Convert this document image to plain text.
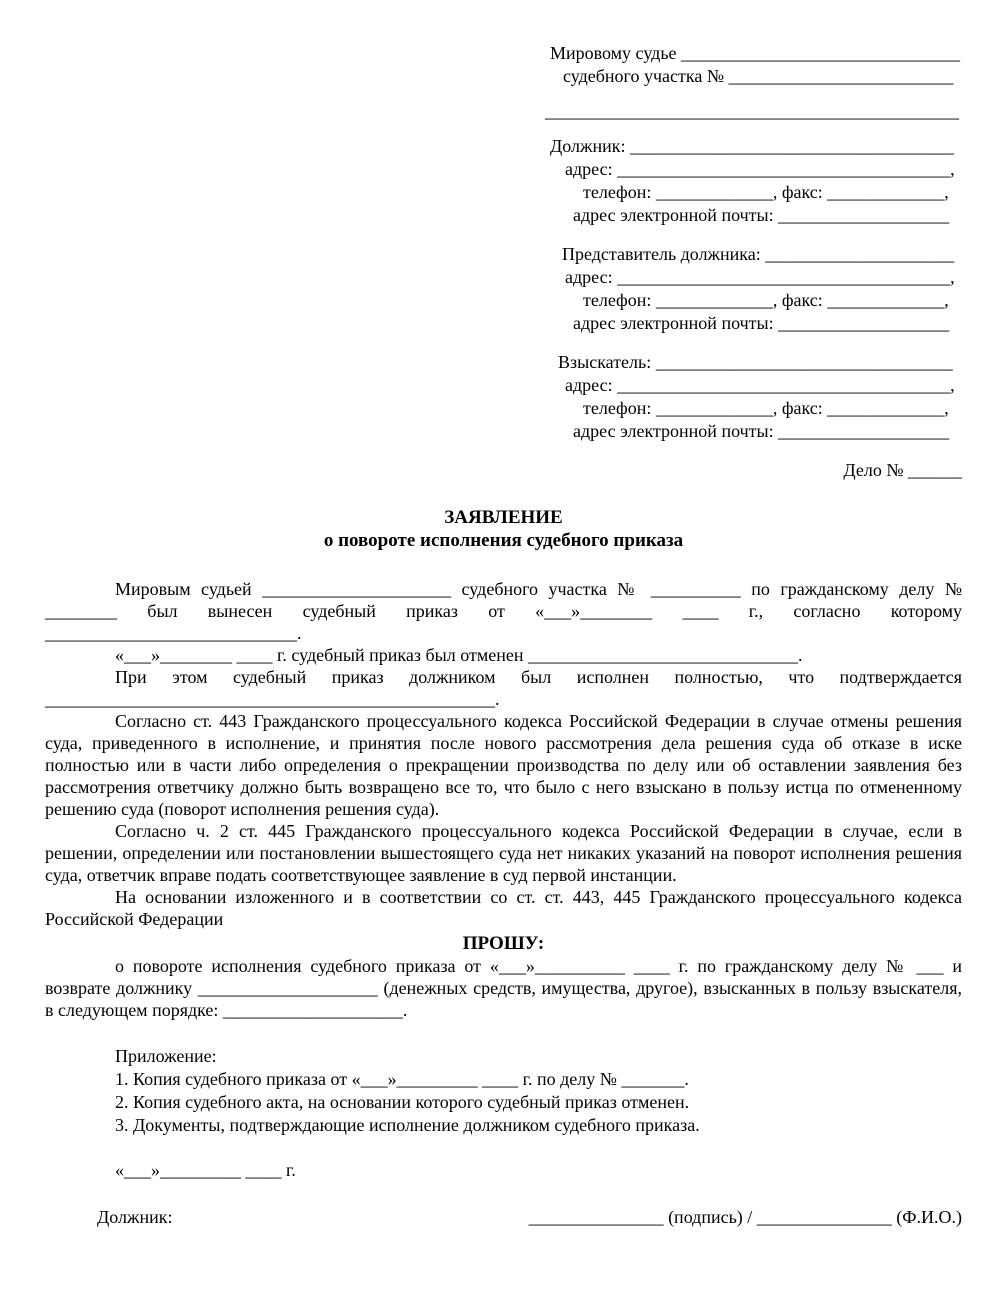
Мировому судье _______________________________
судебного участка № _________________________
______________________________________________
Должник: ____________________________________
адрес: _____________________________________,
телефон: _____________, факс: _____________,
адрес электронной почты: ___________________
Представитель должника: _____________________
адрес: _____________________________________,
телефон: _____________, факс: _____________,
адрес электронной почты: ___________________
Взыскатель: _________________________________
адрес: _____________________________________,
телефон: _____________, факс: _____________,
адрес электронной почты: ___________________
Дело № ______
ЗАЯВЛЕНИЕ
о повороте исполнения судебного приказа

Мировым судьей _____________________ судебного участка № __________ по гражданскому делу № ________ был вынесен судебный приказ от «___»________ ____ г., согласно которому ____________________________.

«___»________ ____ г. судебный приказ был отменен ______________________________.

При этом судебный приказ должником был исполнен полностью, что подтверждается __________________________________________________.

Согласно ст. 443 Гражданского процессуального кодекса Российской Федерации в случае отмены решения суда, приведенного в исполнение, и принятия после нового рассмотрения дела решения суда об отказе в иске полностью или в части либо определения о прекращении производства по делу или об оставлении заявления без рассмотрения ответчику должно быть возвращено все то, что было с него взыскано в пользу истца по отмененному решению суда (поворот исполнения решения суда).

Согласно ч. 2 ст. 445 Гражданского процессуального кодекса Российской Федерации в случае, если в решении, определении или постановлении вышестоящего суда нет никаких указаний на поворот исполнения решения суда, ответчик вправе подать соответствующее заявление в суд первой инстанции.

На основании изложенного и в соответствии со ст. ст. 443, 445 Гражданского процессуального кодекса Российской Федерации

ПРОШУ:

о повороте исполнения судебного приказа от «___»__________ ____ г. по гражданскому делу № ___ и возврате должнику ____________________ (денежных средств, имущества, другое), взысканных в пользу взыскателя, в следующем порядке: ____________________.

Приложение:
1. Копия судебного приказа от «___»_________ ____ г. по делу № _______.
2. Копия судебного акта, на основании которого судебный приказ отменен.
3. Документы, подтверждающие исполнение должником судебного приказа.
«___»_________ ____ г.
Должник:	_______________ (подпись) / _______________ (Ф.И.О.)
